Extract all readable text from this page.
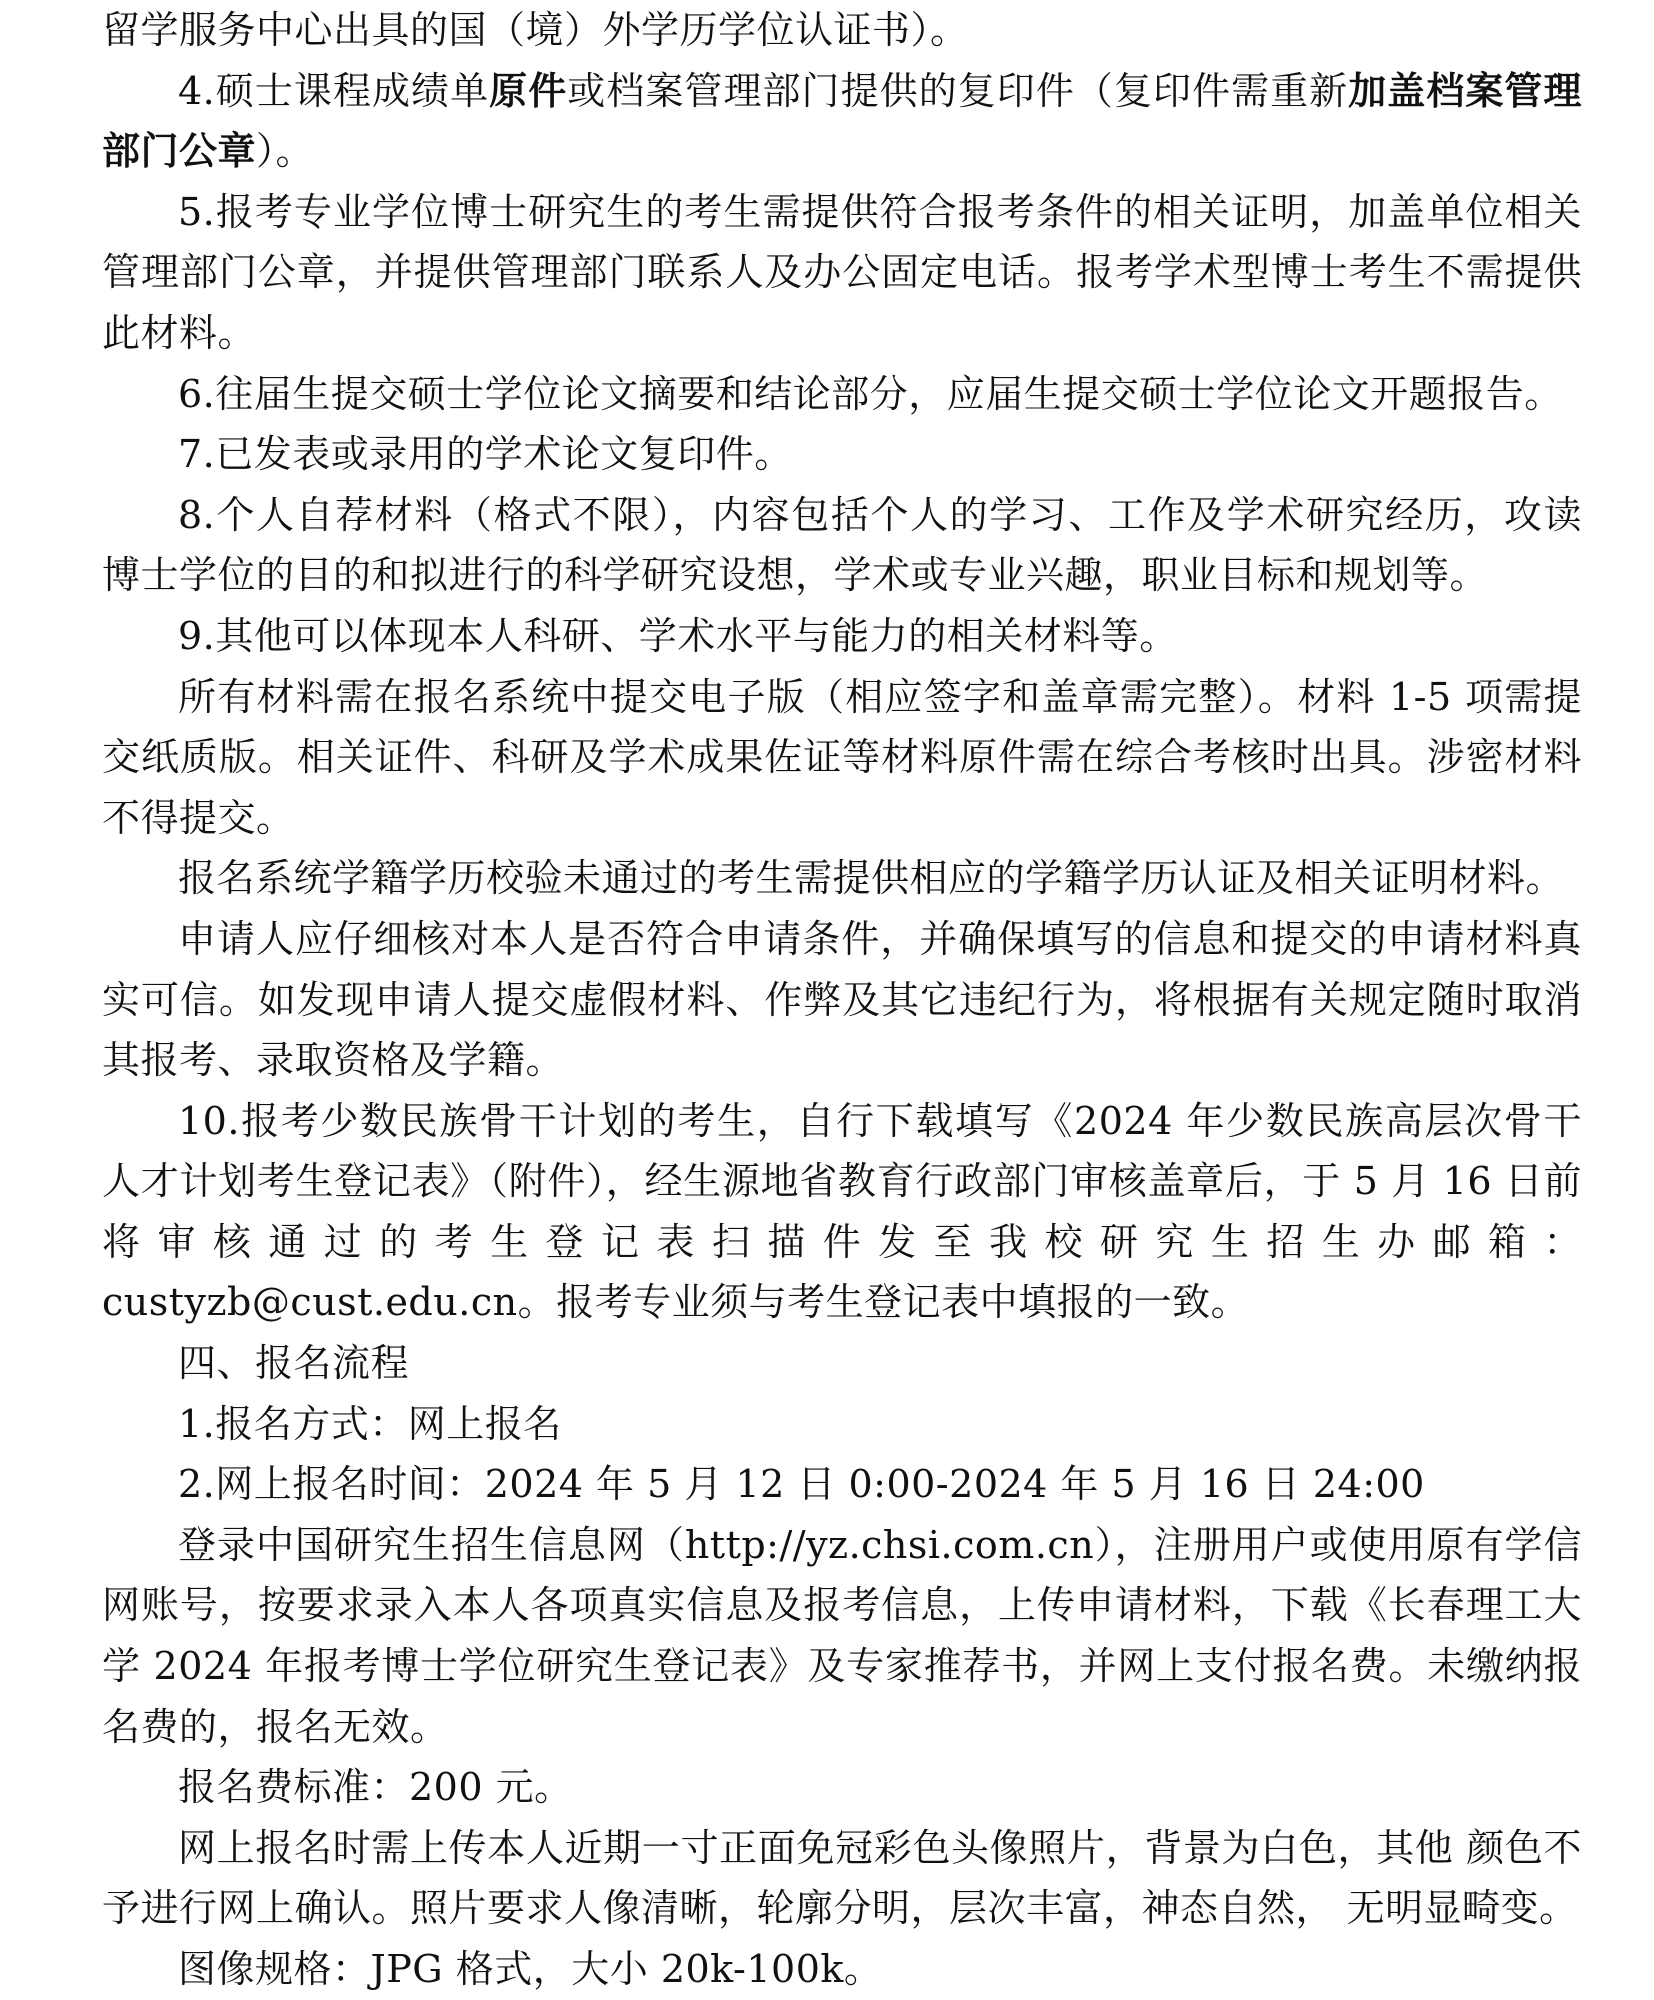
留学服务中心出具的国（境）外学历学位认证书）。

4.硕士课程成绩单原件或档案管理部门提供的复印件（复印件需重新加盖档案管理部门公章）。

5.报考专业学位博士研究生的考生需提供符合报考条件的相关证明，加盖单位相关管理部门公章，并提供管理部门联系人及办公固定电话。报考学术型博士考生不需提供此材料。

6.往届生提交硕士学位论文摘要和结论部分，应届生提交硕士学位论文开题报告。

7.已发表或录用的学术论文复印件。

8.个人自荐材料（格式不限），内容包括个人的学习、工作及学术研究经历，攻读博士学位的目的和拟进行的科学研究设想，学术或专业兴趣，职业目标和规划等。

9.其他可以体现本人科研、学术水平与能力的相关材料等。

所有材料需在报名系统中提交电子版（相应签字和盖章需完整）。材料 1-5 项需提交纸质版。相关证件、科研及学术成果佐证等材料原件需在综合考核时出具。涉密材料不得提交。

报名系统学籍学历校验未通过的考生需提供相应的学籍学历认证及相关证明材料。

申请人应仔细核对本人是否符合申请条件，并确保填写的信息和提交的申请材料真实可信。如发现申请人提交虚假材料、作弊及其它违纪行为，将根据有关规定随时取消其报考、录取资格及学籍。

10.报考少数民族骨干计划的考生，自行下载填写《2024 年少数民族高层次骨干人才计划考生登记表》（附件），经生源地省教育行政部门审核盖章后，于 5 月 16 日前将审核通过的考生登记表扫描件发至我校研究生招生办邮箱：custyzb@cust.edu.cn。报考专业须与考生登记表中填报的一致。

四、报名流程

1.报名方式：网上报名

2.网上报名时间：2024 年 5 月 12 日 0:00-2024 年 5 月 16 日 24:00

登录中国研究生招生信息网（http://yz.chsi.com.cn），注册用户或使用原有学信网账号，按要求录入本人各项真实信息及报考信息，上传申请材料，下载《长春理工大学 2024 年报考博士学位研究生登记表》及专家推荐书，并网上支付报名费。未缴纳报名费的，报名无效。

报名费标准：200 元。

网上报名时需上传本人近期一寸正面免冠彩色头像照片，背景为白色，其他 颜色不予进行网上确认。照片要求人像清晰，轮廓分明，层次丰富，神态自然， 无明显畸变。

图像规格：JPG 格式，大小 20k-100k。
